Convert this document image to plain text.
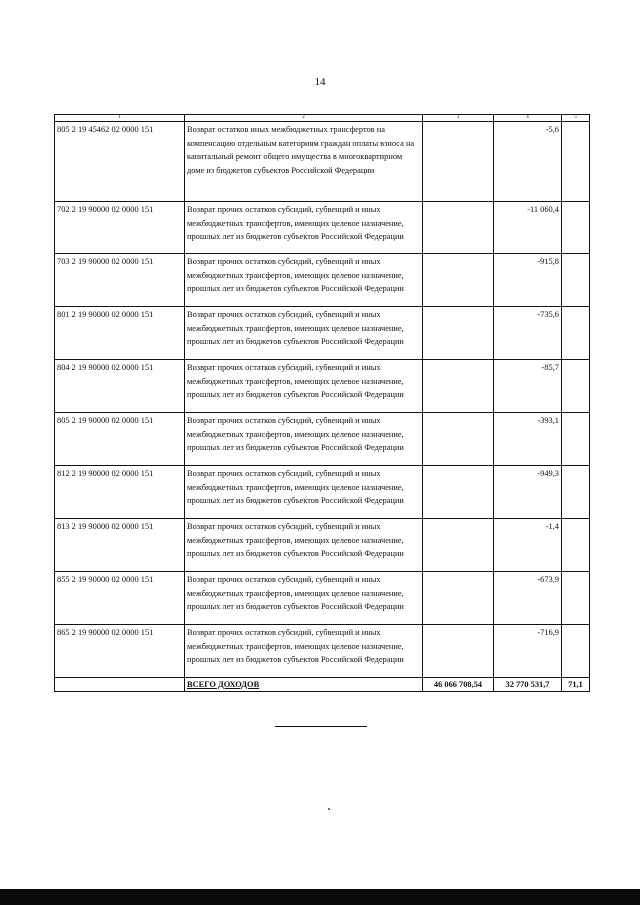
14
1	2	3	4	5
805 2 19 45462 02 0000 151	Возврат остатков иных межбюджетных трансфертов на компенсацию отдельным категориям граждан оплаты взноса на капитальный ремонт общего имущества в многоквартирном доме из бюджетов субъектов Российской Федерации		-5,6	
702 2 19 90000 02 0000 151	Возврат прочих остатков субсидий, субвенций и иных межбюджетных трансфертов, имеющих целевое назначение, прошлых лет из бюджетов субъектов Российской Федерации		-11 060,4	
703 2 19 90000 02 0000 151	Возврат прочих остатков субсидий, субвенций и иных межбюджетных трансфертов, имеющих целевое назначение, прошлых лет из бюджетов субъектов Российской Федерации		-915,8	
801 2 19 90000 02 0000 151	Возврат прочих остатков субсидий, субвенций и иных межбюджетных трансфертов, имеющих целевое назначение, прошлых лет из бюджетов субъектов Российской Федерации		-735,6	
804 2 19 90000 02 0000 151	Возврат прочих остатков субсидий, субвенций и иных межбюджетных трансфертов, имеющих целевое назначение, прошлых лет из бюджетов субъектов Российской Федерации		-85,7	
805 2 19 90000 02 0000 151	Возврат прочих остатков субсидий, субвенций и иных межбюджетных трансфертов, имеющих целевое назначение, прошлых лет из бюджетов субъектов Российской Федерации		-393,1	
812 2 19 90000 02 0000 151	Возврат прочих остатков субсидий, субвенций и иных межбюджетных трансфертов, имеющих целевое назначение, прошлых лет из бюджетов субъектов Российской Федерации		-949,3	
813 2 19 90000 02 0000 151	Возврат прочих остатков субсидий, субвенций и иных межбюджетных трансфертов, имеющих целевое назначение, прошлых лет из бюджетов субъектов Российской Федерации		-1,4	
855 2 19 90000 02 0000 151	Возврат прочих остатков субсидий, субвенций и иных межбюджетных трансфертов, имеющих целевое назначение, прошлых лет из бюджетов субъектов Российской Федерации		-673,9	
865 2 19 90000 02 0000 151	Возврат прочих остатков субсидий, субвенций и иных межбюджетных трансфертов, имеющих целевое назначение, прошлых лет из бюджетов субъектов Российской Федерации		-716,9	
	ВСЕГО ДОХОДОВ	46 066 708,54	32 770 531,7	71,1
